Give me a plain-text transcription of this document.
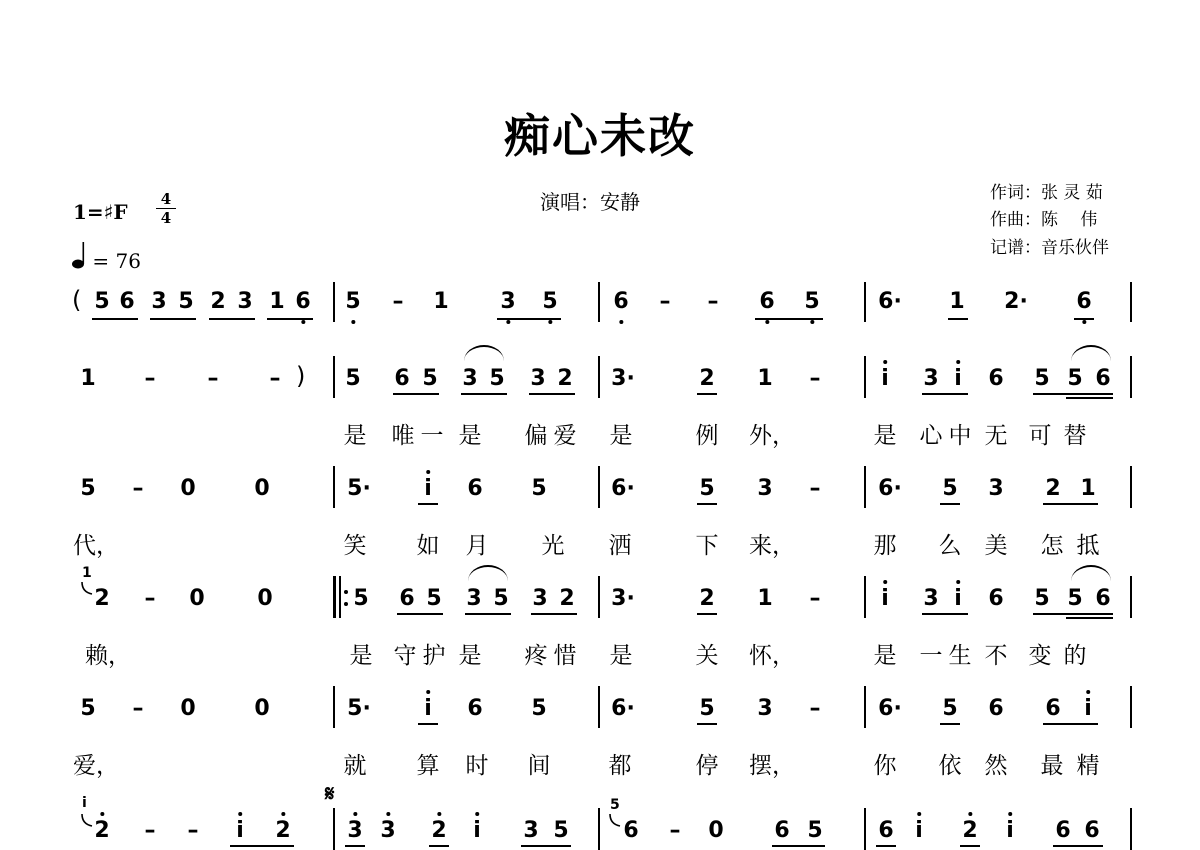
痴心未改
演唱：安静	作词：张 灵 茹
作曲：陈　 伟
记谱：音乐伙伴
1=♯F
4
4
= 76
( 5 6 3 5 2 3 1 6 5 – 1 3 5	6 – – 6 5	6· 1 2· 6
1 – – – ) 5 6 5 3 5 3 2 3·	2 1 –	i 3 i 6 5 5 6
是 唯 一 是 偏 爱 是	例 外，	是 心 中 无 可 替
5 – 0	0	5· i 6 5	6·	5 3 –	6· 5 3 2 1
代，	笑 如 月 光 洒	下 来，	那 么 美 怎 抵
1
2 – 0 0	5 6 5 3 5 3 2 3·	2 1 –	i 3 i 6 5 5 6
赖，	是 守 护 是 疼 惜 是	关 怀，	是 一 生 不 变 的
5 – 0	0	5· i 6 5	6·	5 3 –	6· 5 6 6 i
爱，	就 算 时 间	都	停 摆，	你 依 然 最 精
i
2 – – i 2
𝄋
3 3 2 i 3 5
5
6 – 0 6 5	6 i 2 i 6 6
